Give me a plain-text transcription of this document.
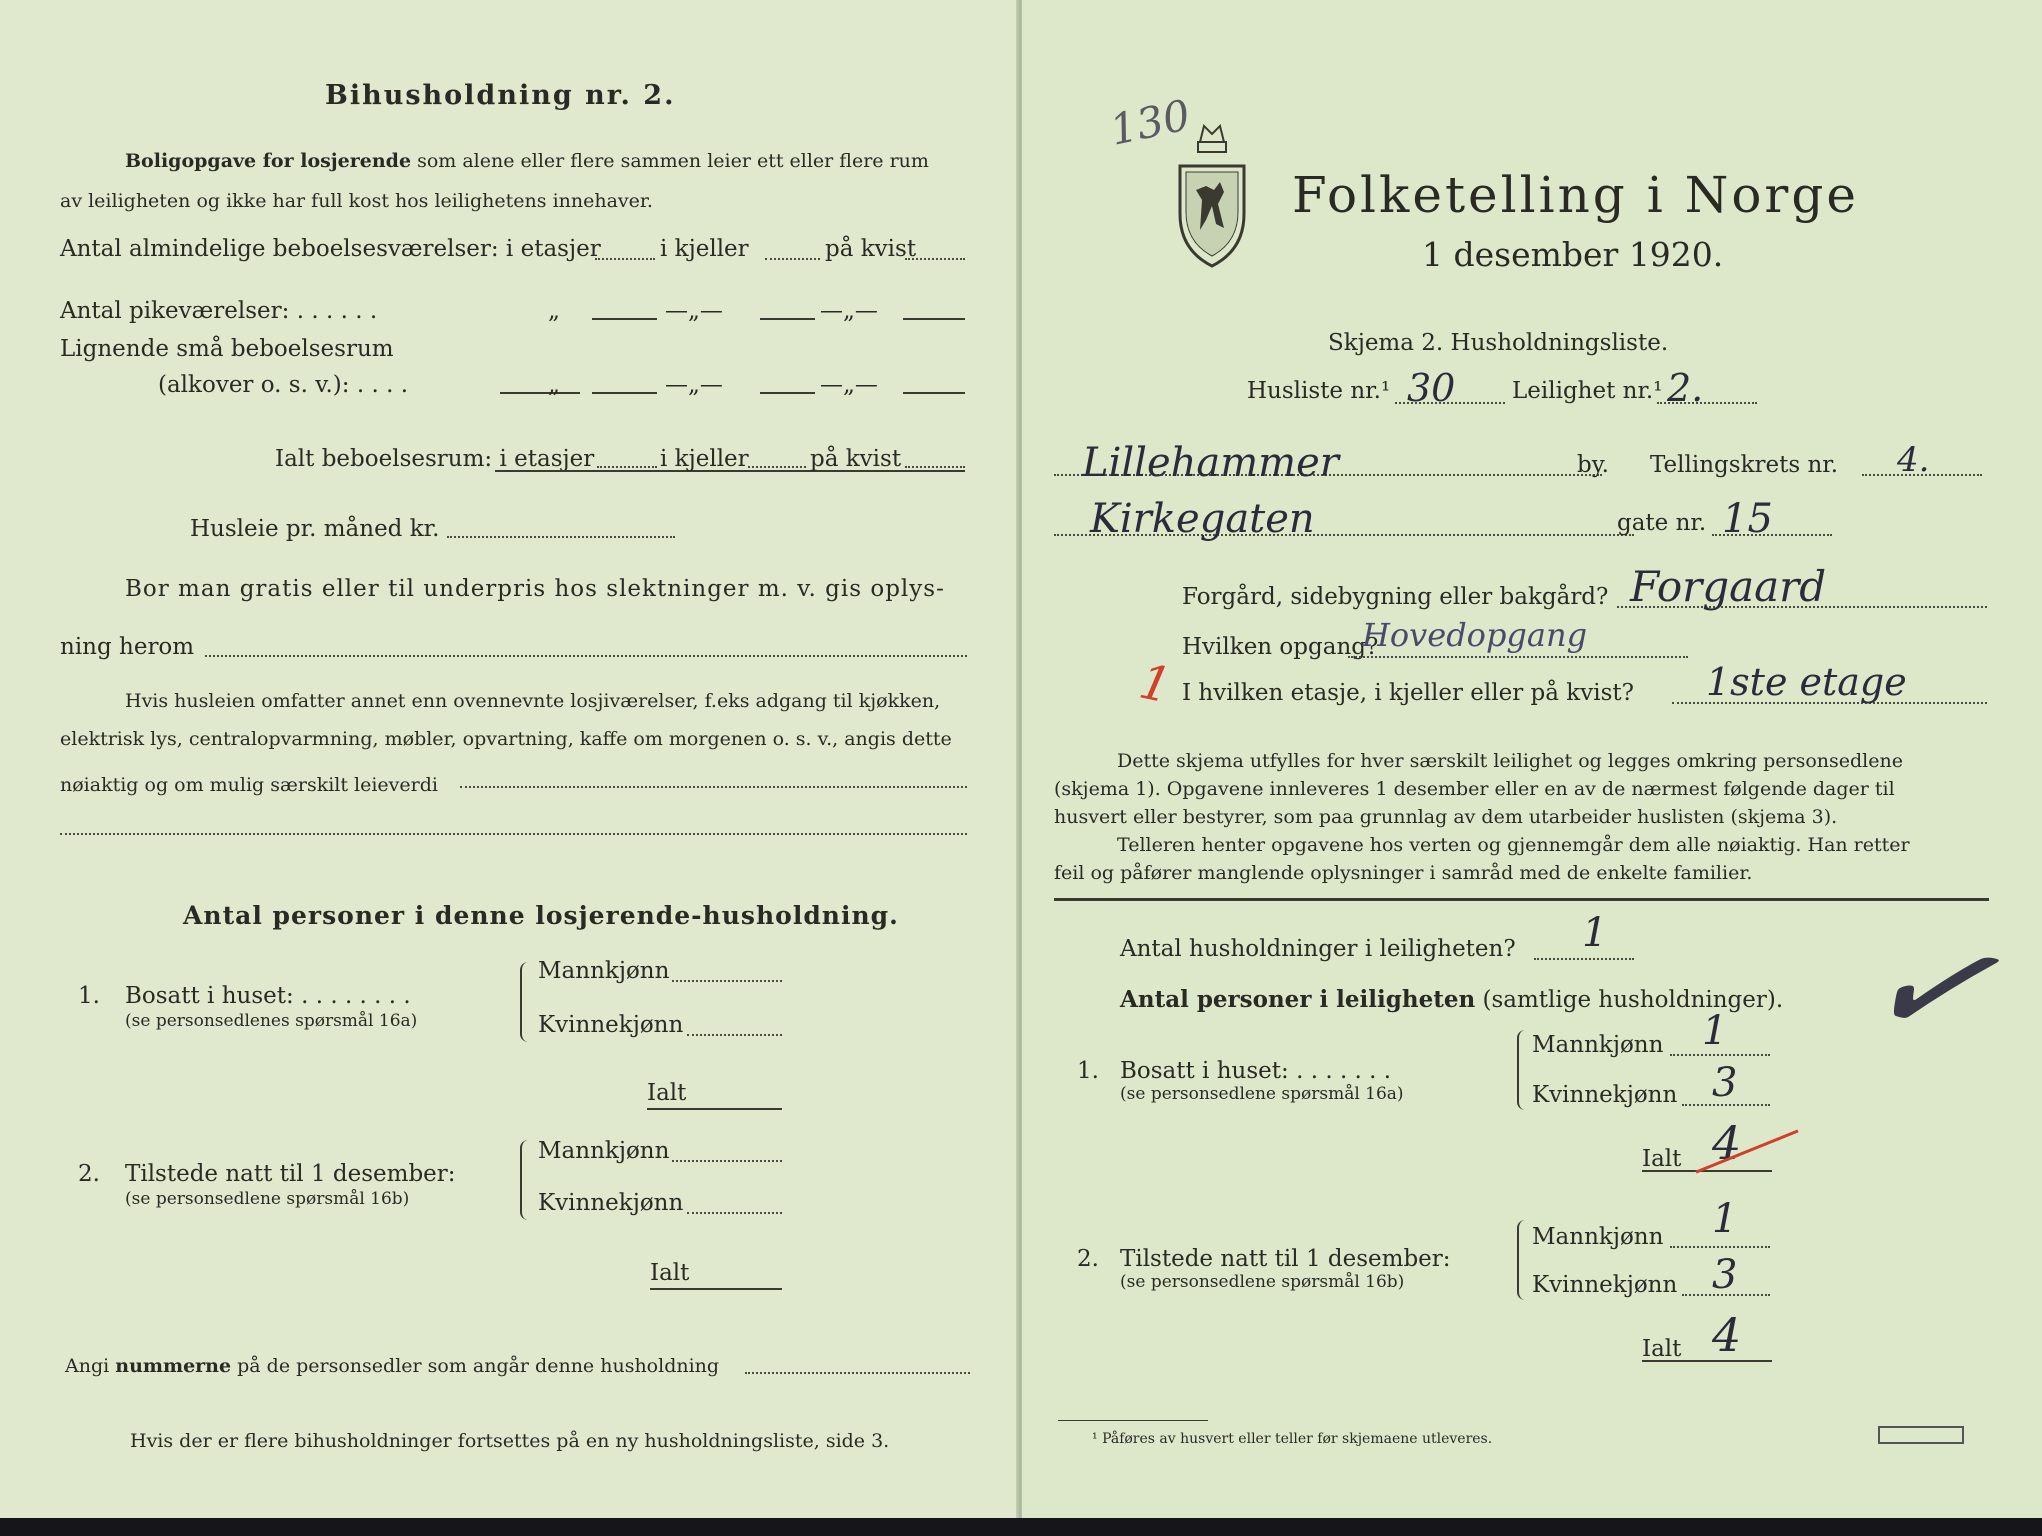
Bihusholdning nr. 2.
Boligopgave for losjerende som alene eller flere sammen leier ett eller flere rum
av leiligheten og ikke har full kost hos leilighetens innehaver.
Antal almindelige beboelsesværelser: i etasjer	i kjeller	på kvist
Antal pikeværelser: . . . . . .	„	—„—	—„—
Lignende små beboelsesrum
(alkover o. s. v.): . . . .	„	—„—	—„—
Ialt beboelsesrum: i etasjer	i kjeller	på kvist
Husleie pr. måned kr.
Bor man gratis eller til underpris hos slektninger m. v. gis oplys-
ning herom
Hvis husleien omfatter annet enn ovennevnte losjiværelser, f.eks adgang til kjøkken,
elektrisk lys, centralopvarmning, møbler, opvartning, kaffe om morgenen o. s. v., angis dette
nøiaktig og om mulig særskilt leieverdi
Antal personer i denne losjerende-husholdning.
1. Bosatt i huset: . . . . . . . .
(se personsedlenes spørsmål 16a)
Mannkjønn
Kvinnekjønn
Ialt
2. Tilstede natt til 1 desember:
(se personsedlene spørsmål 16b)
Mannkjønn
Kvinnekjønn
Ialt
Angi nummerne på de personsedler som angår denne husholdning
Hvis der er flere bihusholdninger fortsettes på en ny husholdningsliste, side 3.
130
Folketelling i Norge
1 desember 1920.
Skjema 2. Husholdningsliste.
Husliste nr.¹ 30 Leilighet nr.¹ 2.
Lillehammer	by. Tellingskrets nr. 4.
Kirkegaten	gate nr. 15
Forgård, sidebygning eller bakgård? Forgaard
1
Hvilken opgang?
Hovedopgang
I hvilken etasje, i kjeller eller på kvist? 1ste etage
Dette skjema utfylles for hver særskilt leilighet og legges omkring personsedlene
(skjema 1). Opgavene innleveres 1 desember eller en av de nærmest følgende dager til
husvert eller bestyrer, som paa grunnlag av dem utarbeider huslisten (skjema 3).
Telleren henter opgavene hos verten og gjennemgår dem alle nøiaktig. Han retter
feil og påfører manglende oplysninger i samråd med de enkelte familier.
Antal husholdninger i leiligheten? 1
Antal personer i leiligheten (samtlige husholdninger). ✓
1. Bosatt i huset: . . . . . . .
(se personsedlene spørsmål 16a)
Mannkjønn 1
Kvinnekjønn 3
Ialt 4
2. Tilstede natt til 1 desember:
(se personsedlene spørsmål 16b)
Mannkjønn 1
Kvinnekjønn 3
Ialt 4
¹ Påføres av husvert eller teller før skjemaene utleveres.
